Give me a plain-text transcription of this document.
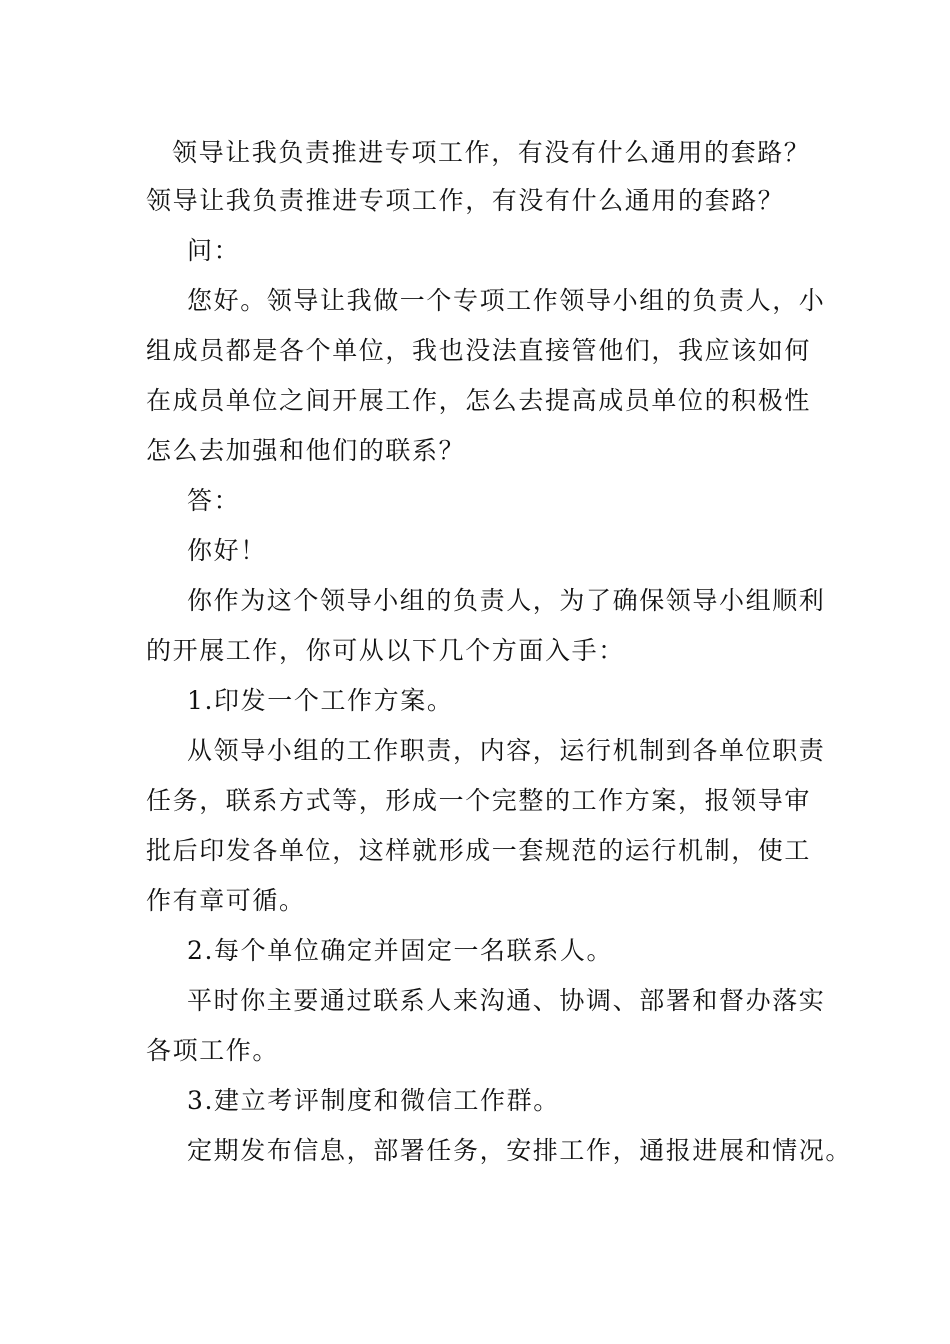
领导让我负责推进专项工作，有没有什么通用的套路？
领导让我负责推进专项工作，有没有什么通用的套路？
问：
您好。领导让我做一个专项工作领导小组的负责人，小
组成员都是各个单位，我也没法直接管他们，我应该如何
在成员单位之间开展工作，怎么去提高成员单位的积极性
怎么去加强和他们的联系？
答：
你好！
你作为这个领导小组的负责人，为了确保领导小组顺利
的开展工作，你可从以下几个方面入手：
1.印发一个工作方案。
从领导小组的工作职责，内容，运行机制到各单位职责
任务，联系方式等，形成一个完整的工作方案，报领导审
批后印发各单位，这样就形成一套规范的运行机制，使工
作有章可循。
2.每个单位确定并固定一名联系人。
平时你主要通过联系人来沟通、协调、部署和督办落实
各项工作。
3.建立考评制度和微信工作群。
定期发布信息，部署任务，安排工作，通报进展和情况。
